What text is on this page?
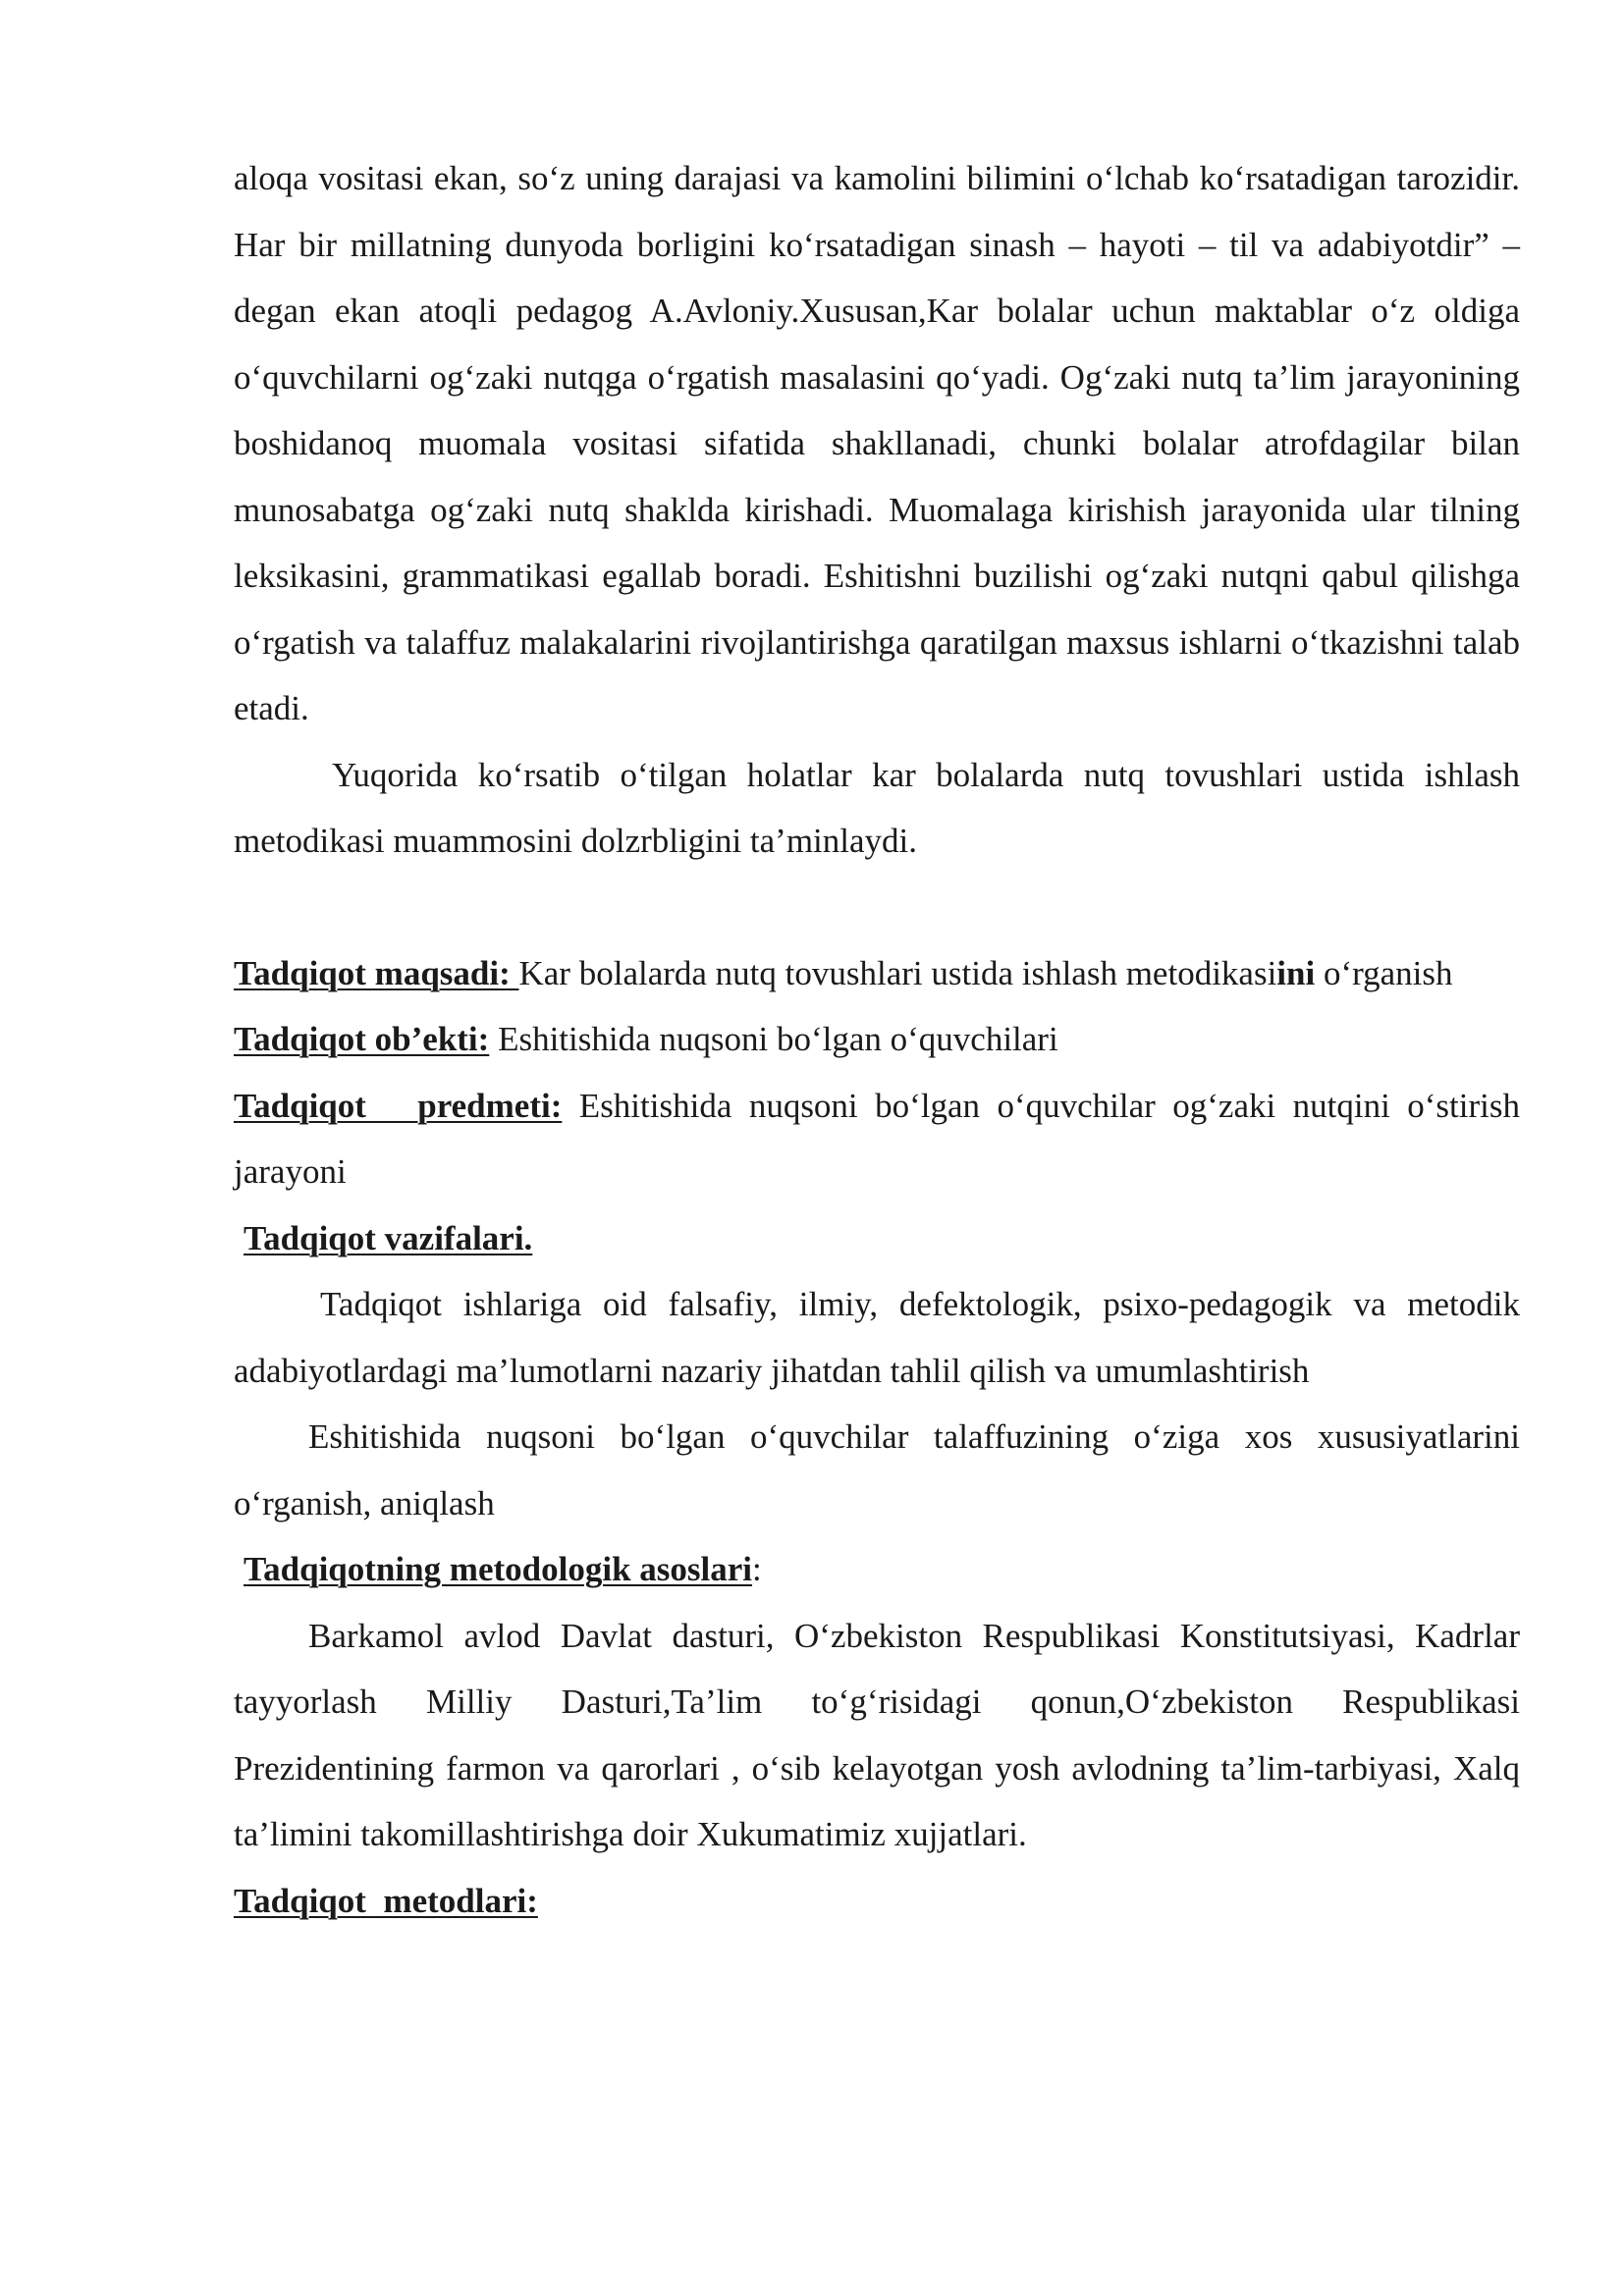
aloqa vositasi ekan, so‘z uning darajasi va kamolini bilimini o‘lchab ko‘rsatadigan tarozidir. Har bir millatning dunyoda borligini ko‘rsatadigan sinash – hayoti – til va adabiyotdir” – degan ekan atoqli pedagog A.Avloniy.Xususan,Kar bolalar uchun maktablar o‘z oldiga o‘quvchilarni og‘zaki nutqga o‘rgatish masalasini qo‘yadi. Og‘zaki nutq ta’lim jarayonining boshidanoq muomala vositasi sifatida shakllanadi, chunki bolalar atrofdagilar bilan munosabatga og‘zaki nutq shaklda kirishadi. Muomalaga kirishish jarayonida ular tilning leksikasini, grammatikasi egallab boradi. Eshitishni buzilishi og‘zaki nutqni qabul qilishga o‘rgatish va talaffuz malakalarini rivojlantirishga qaratilgan maxsus ishlarni o‘tkazishni talab etadi.

Yuqorida ko‘rsatib o‘tilgan holatlar kar bolalarda nutq tovushlari ustida ishlash metodikasi muammosini dolzrbligini ta’minlaydi.

Tadqiqot maqsadi: Kar bolalarda nutq tovushlari ustida ishlash metodikasiini o‘rganish

Tadqiqot ob’ekti: Eshitishida nuqsoni bo‘lgan o‘quvchilari

Tadqiqot   predmeti: Eshitishida nuqsoni bo‘lgan o‘quvchilar og‘zaki nutqini o‘stirish jarayoni

Tadqiqot vazifalari.

Tadqiqot ishlariga oid falsafiy, ilmiy, defektologik, psixo-pedagogik va metodik adabiyotlardagi ma’lumotlarni nazariy jihatdan tahlil qilish va umumlashtirish

Eshitishida nuqsoni bo‘lgan o‘quvchilar talaffuzining o‘ziga xos xususiyatlarini o‘rganish, aniqlash

Tadqiqotning metodologik asoslari:

Barkamol avlod Davlat dasturi, O‘zbekiston Respublikasi Konstitutsiyasi, Kadrlar tayyorlash Milliy Dasturi,Ta’lim to‘g‘risidagi qonun,O‘zbekiston Respublikasi Prezidentining farmon va qarorlari , o‘sib kelayotgan yosh avlodning ta’lim-tarbiyasi, Xalq ta’limini takomillashtirishga doir Xukumatimiz xujjatlari.

Tadqiqot  metodlari:
